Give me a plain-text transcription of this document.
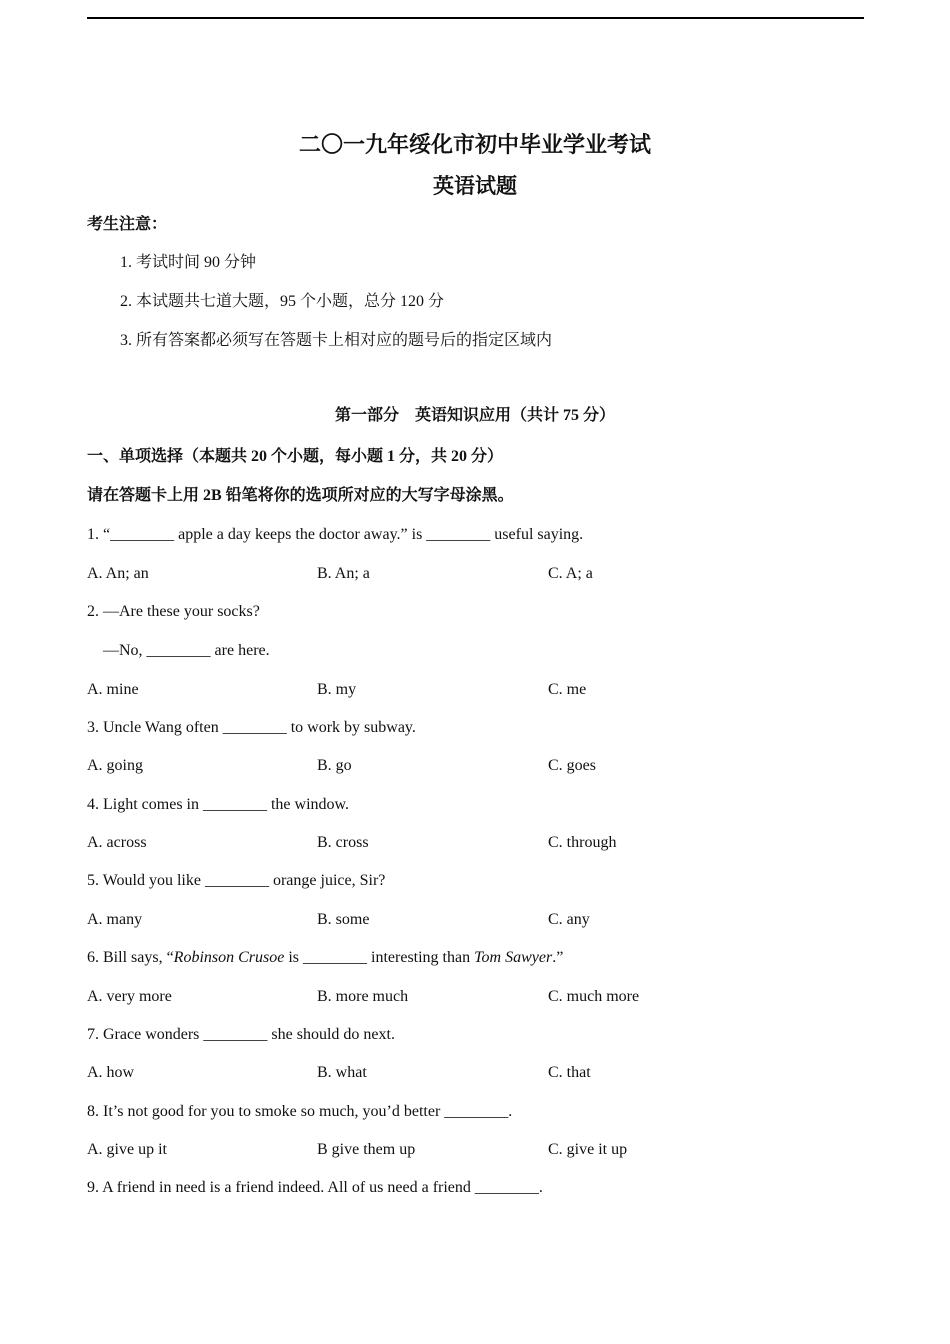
二〇一九年绥化市初中毕业学业考试
英语试题
考生注意：
1. 考试时间 90 分钟
2. 本试题共七道大题，95 个小题，总分 120 分
3. 所有答案都必须写在答题卡上相对应的题号后的指定区域内
第一部分　英语知识应用（共计 75 分）
一、单项选择（本题共 20 个小题，每小题 1 分，共 20 分）
请在答题卡上用 2B 铅笔将你的选项所对应的大写字母涂黑。
1. “________ apple a day keeps the doctor away.” is ________ useful saying.
A. An; an	B. An; a	C. A; a
2. —Are these your socks?
—No, ________ are here.
A. mine	B. my	C. me
3. Uncle Wang often ________ to work by subway.
A. going	B. go	C. goes
4. Light comes in ________ the window.
A. across	B. cross	C. through
5. Would you like ________ orange juice, Sir?
A. many	B. some	C. any
6. Bill says, “Robinson Crusoe is ________ interesting than Tom Sawyer.”
A. very more	B. more much	C. much more
7. Grace wonders ________ she should do next.
A. how	B. what	C. that
8. It’s not good for you to smoke so much, you’d better ________.
A. give up it	B give them up	C. give it up
9. A friend in need is a friend indeed. All of us need a friend ________.
